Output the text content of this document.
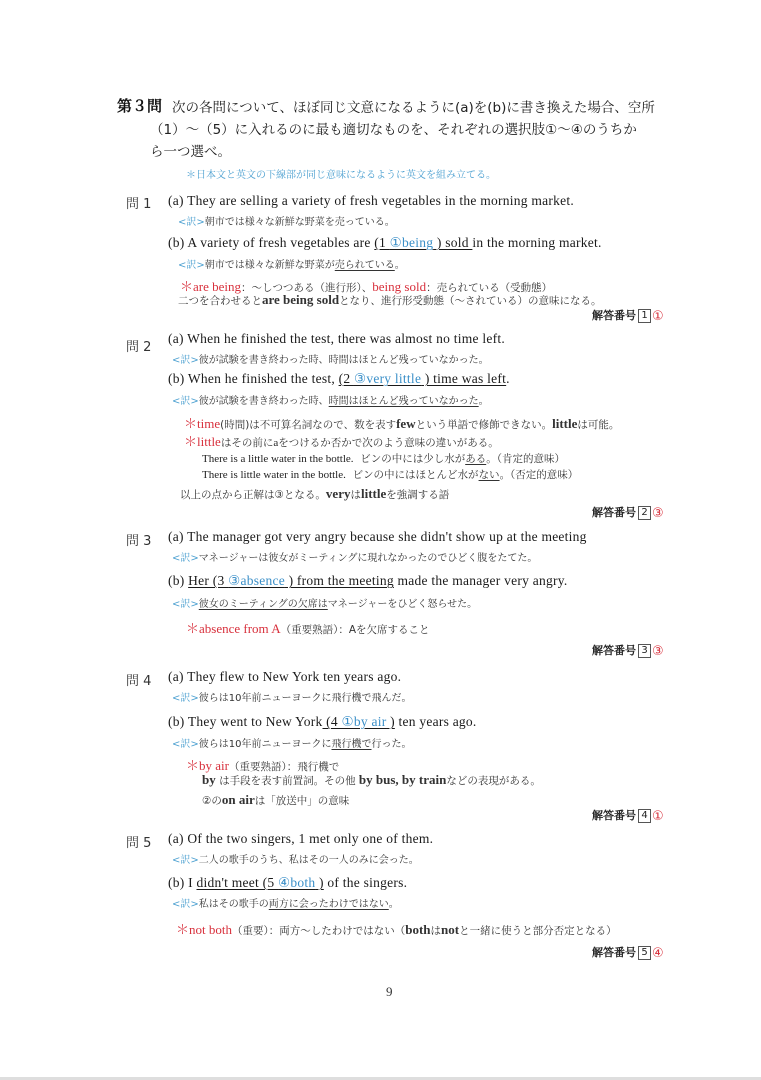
第３問 次の各問について、ほぼ同じ文意になるように(a)を(b)に書き換えた場合、空所
（1）～（5）に入れるのに最も適切なものを、それぞれの選択肢①～④のうちか
ら一つ選べ。
＊日本文と英文の下線部が同じ意味になるように英文を組み立てる。
問 1 (a) They are selling a variety of fresh vegetables in the morning market.
<訳>朝市では様々な新鮮な野菜を売っている。
(b) A variety of fresh vegetables are (1 ①being ) sold in the morning market.
<訳>朝市では様々な新鮮な野菜が売られている。
＊are being：～しつつある（進行形）、being sold：売られている（受動態）
二つを合わせるとare being soldとなり、進行形受動態（～されている）の意味になる。
解答番号 1 ①
問 2
(a) When he finished the test, there was almost no time left.
<訳>彼が試験を書き終わった時、時間はほとんど残っていなかった。
(b) When he finished the test, (2 ③very little ) time was left.
<訳>彼が試験を書き終わった時、時間はほとんど残っていなかった。
＊time(時間)は不可算名詞なので、数を表すfewという単語で修飾できない。littleは可能。
＊littleはその前にaをつけるか否かで次のよう意味の違いがある。
There is a little water in the bottle. ビンの中には少し水がある。（肯定的意味）
There is little water in the bottle. ビンの中にはほとんど水がない。（否定的意味）
以上の点から正解は③となる。veryはlittleを強調する語
解答番号 2 ③
問 3 (a) The manager got very angry because she didn't show up at the meeting
<訳>マネージャーは彼女がミーティングに現れなかったのでひどく腹をたてた。
(b) Her (3 ③absence ) from the meeting made the manager very angry.
<訳>彼女のミーティングの欠席はマネージャーをひどく怒らせた。
＊absence from A（重要熟語）：Aを欠席すること
解答番号 3 ③
問 4 (a) They flew to New York ten years ago.
<訳>彼らは10年前ニューヨークに飛行機で飛んだ。
(b) They went to New York (4 ①by air ) ten years ago.
<訳>彼らは10年前ニューヨークに飛行機で行った。
＊by air（重要熟語）：飛行機で
by は手段を表す前置詞。その他 by bus, by trainなどの表現がある。
②のon airは「放送中」の意味
解答番号 4 ①
問 5 (a) Of the two singers, 1 met only one of them.
<訳>二人の歌手のうち、私はその一人のみに会った。
(b) I didn't meet (5 ④both ) of the singers.
<訳>私はその歌手の両方に会ったわけではない。
＊not both（重要）：両方～したわけではない（bothはnotと一緒に使うと部分否定となる）
解答番号 5 ④
9
